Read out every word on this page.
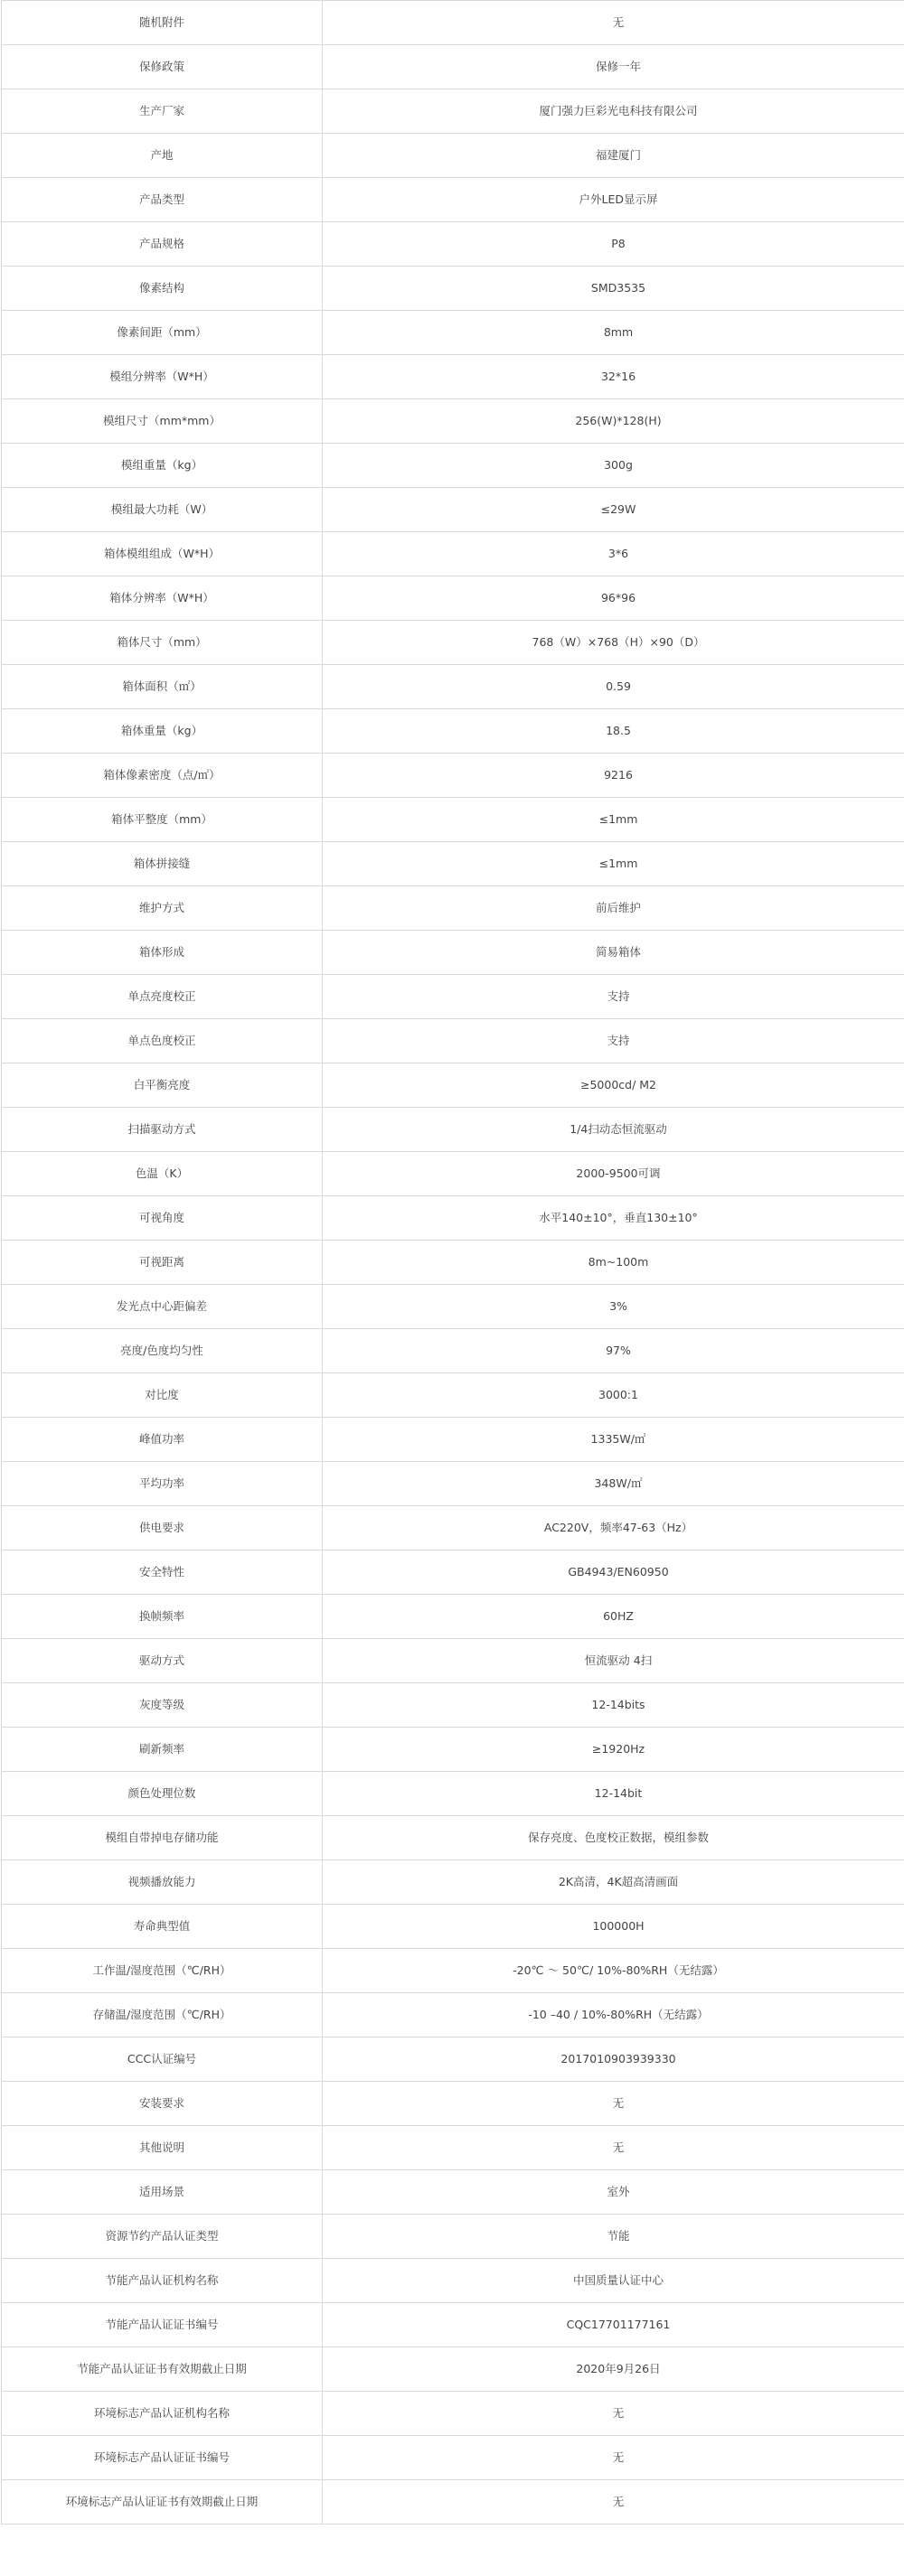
随机附件	无
保修政策	保修一年
生产厂家	厦门强力巨彩光电科技有限公司
产地	福建厦门
产品类型	户外LED显示屏
产品规格	P8
像素结构	SMD3535
像素间距（mm）	8mm
模组分辨率（W*H）	32*16
模组尺寸（mm*mm）	256(W)*128(H)
模组重量（kg）	300g
模组最大功耗（W）	≤29W
箱体模组组成（W*H）	3*6
箱体分辨率（W*H）	96*96
箱体尺寸（mm）	768（W）×768（H）×90（D）
箱体面积（㎡）	0.59
箱体重量（kg）	18.5
箱体像素密度（点/㎡）	9216
箱体平整度（mm）	≤1mm
箱体拼接缝	≤1mm
维护方式	前后维护
箱体形成	简易箱体
单点亮度校正	支持
单点色度校正	支持
白平衡亮度	≥5000cd/ M2
扫描驱动方式	1/4扫动态恒流驱动
色温（K）	2000-9500可调
可视角度	水平140±10°，垂直130±10°
可视距离	8m~100m
发光点中心距偏差	3%
亮度/色度均匀性	97%
对比度	3000:1
峰值功率	1335W/㎡
平均功率	348W/㎡
供电要求	AC220V，频率47-63（Hz）
安全特性	GB4943/EN60950
换帧频率	60HZ
驱动方式	恒流驱动 4扫
灰度等级	12-14bits
刷新频率	≥1920Hz
颜色处理位数	12-14bit
模组自带掉电存储功能	保存亮度、色度校正数据，模组参数
视频播放能力	2K高清，4K超高清画面
寿命典型值	100000H
工作温/湿度范围（℃/RH）	-20℃ ～ 50℃/ 10%-80%RH（无结露）
存储温/湿度范围（℃/RH）	-10 –40 / 10%-80%RH（无结露）
CCC认证编号	2017010903939330
安装要求	无
其他说明	无
适用场景	室外
资源节约产品认证类型	节能
节能产品认证机构名称	中国质量认证中心
节能产品认证证书编号	CQC17701177161
节能产品认证证书有效期截止日期	2020年9月26日
环境标志产品认证机构名称	无
环境标志产品认证证书编号	无
环境标志产品认证证书有效期截止日期	无
